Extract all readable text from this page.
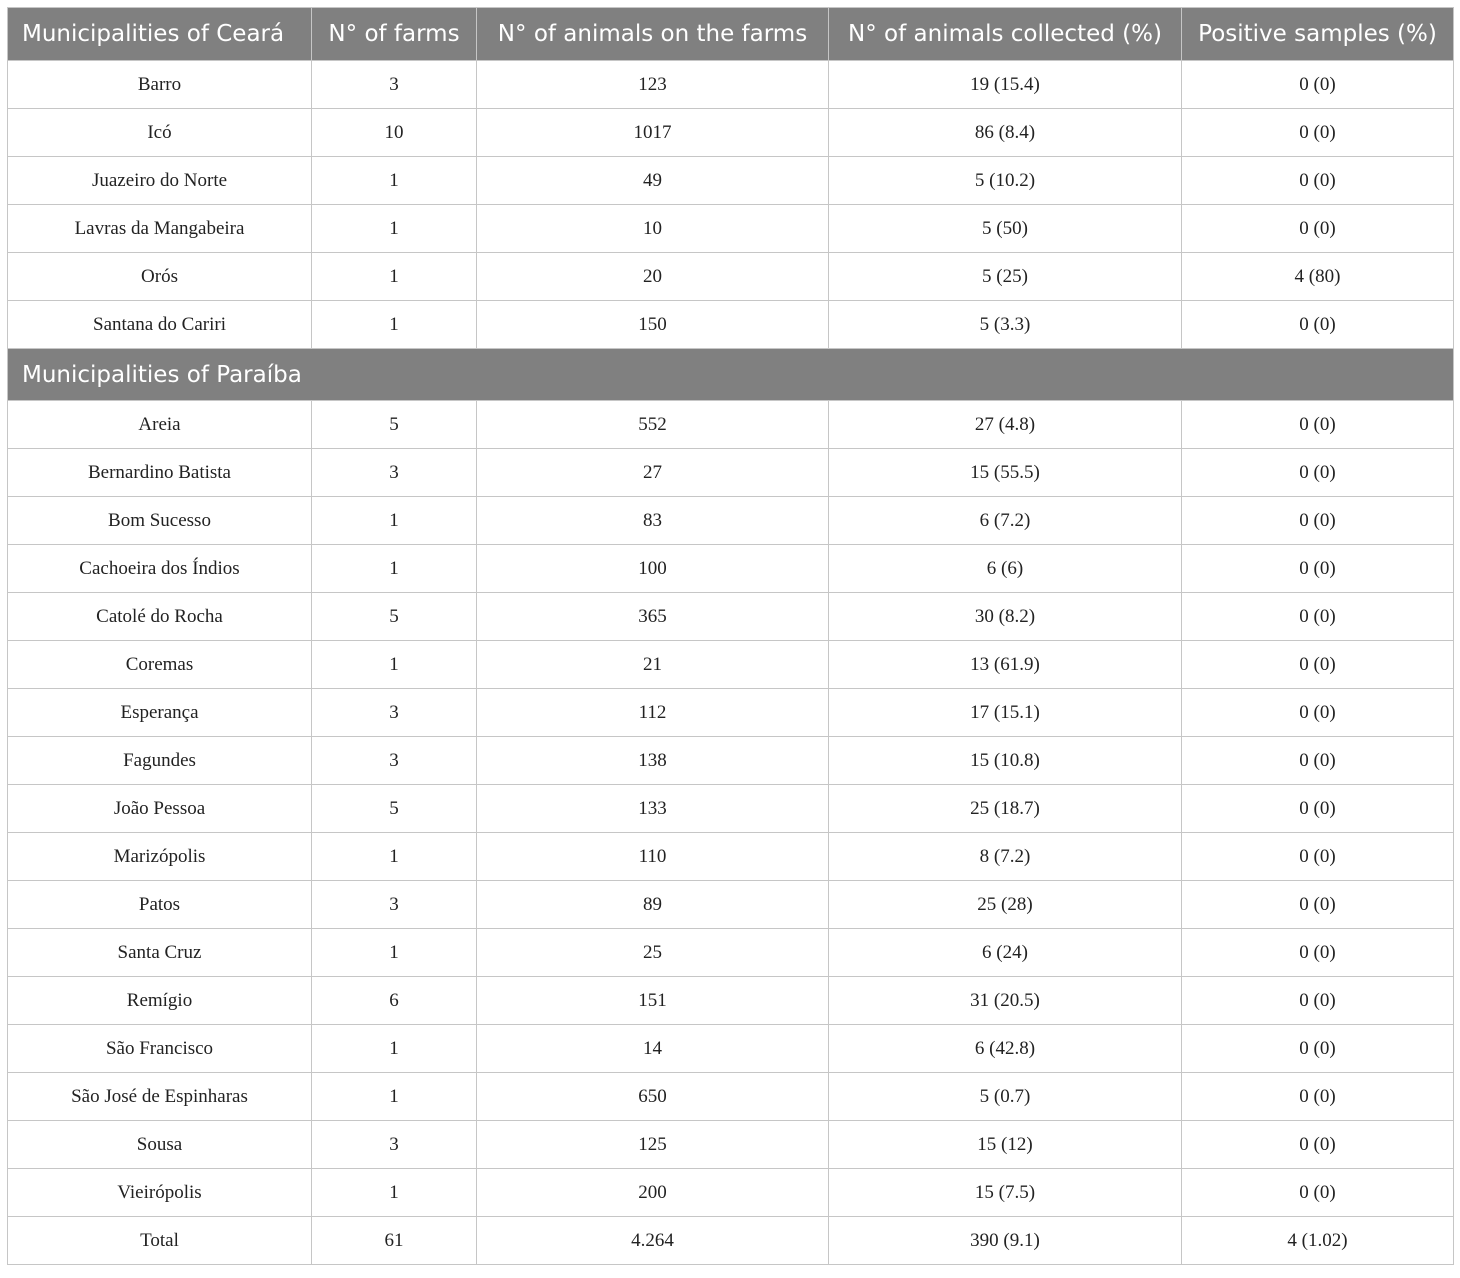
Municipalities of Ceará	N° of farms	N° of animals on the farms	N° of animals collected (%)	Positive samples (%)
Barro	3	123	19 (15.4)	0 (0)
Icó	10	1017	86 (8.4)	0 (0)
Juazeiro do Norte	1	49	5 (10.2)	0 (0)
Lavras da Mangabeira	1	10	5 (50)	0 (0)
Orós	1	20	5 (25)	4 (80)
Santana do Cariri	1	150	5 (3.3)	0 (0)
Municipalities of Paraíba				
Areia	5	552	27 (4.8)	0 (0)
Bernardino Batista	3	27	15 (55.5)	0 (0)
Bom Sucesso	1	83	6 (7.2)	0 (0)
Cachoeira dos Índios	1	100	6 (6)	0 (0)
Catolé do Rocha	5	365	30 (8.2)	0 (0)
Coremas	1	21	13 (61.9)	0 (0)
Esperança	3	112	17 (15.1)	0 (0)
Fagundes	3	138	15 (10.8)	0 (0)
João Pessoa	5	133	25 (18.7)	0 (0)
Marizópolis	1	110	8 (7.2)	0 (0)
Patos	3	89	25 (28)	0 (0)
Santa Cruz	1	25	6 (24)	0 (0)
Remígio	6	151	31 (20.5)	0 (0)
São Francisco	1	14	6 (42.8)	0 (0)
São José de Espinharas	1	650	5 (0.7)	0 (0)
Sousa	3	125	15 (12)	0 (0)
Vieirópolis	1	200	15 (7.5)	0 (0)
Total	61	4.264	390 (9.1)	4 (1.02)
